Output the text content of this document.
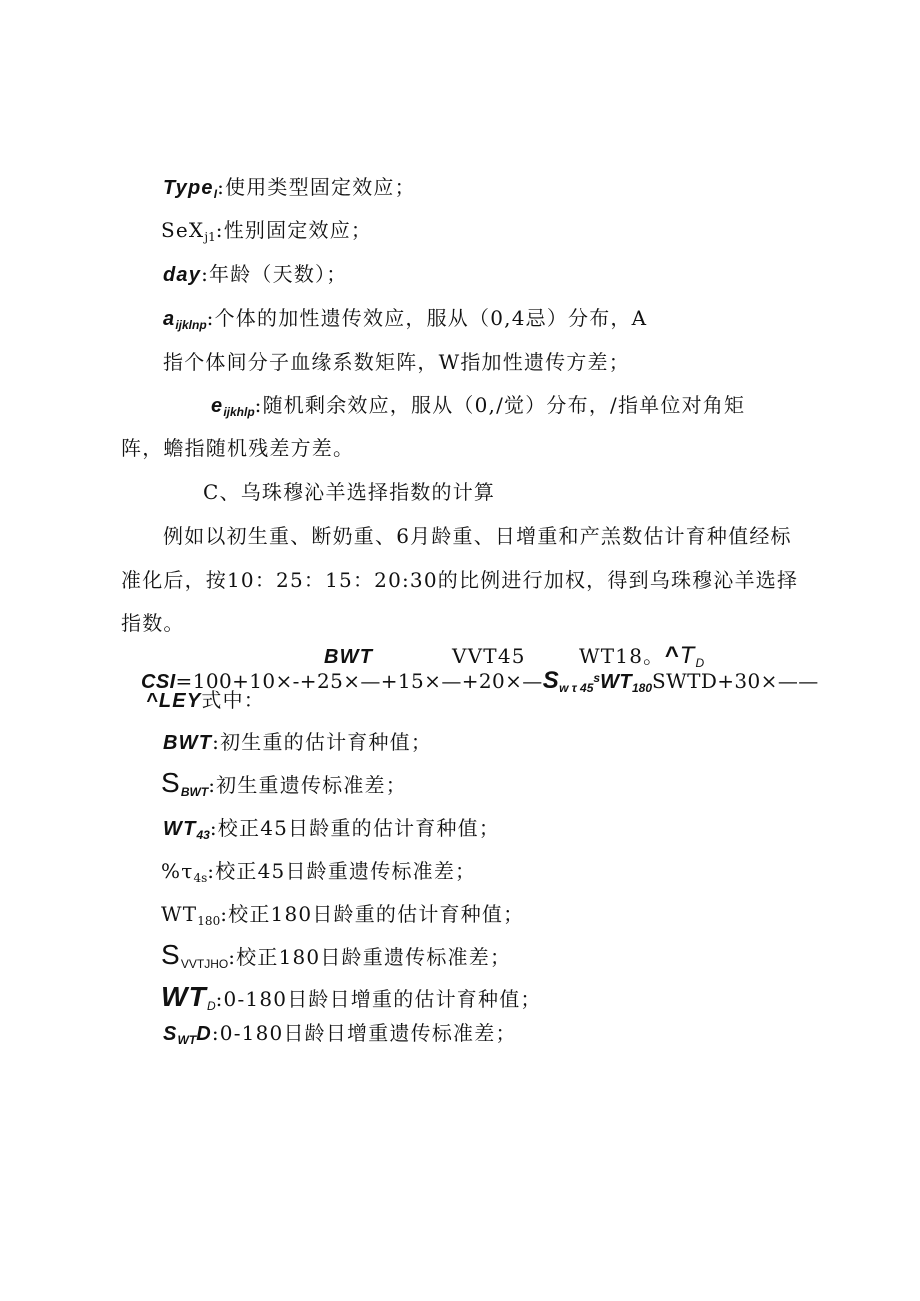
Type$_I$:使用类型固定效应；
SeX$_{j1}$:性别固定效应；
day:年龄（天数）；
$a_{ijklnp}$:个体的加性遗传效应，服从（0,4忌）分布，A
指个体间分子血缘系数矩阵，W指加性遗传方差；
$e_{ijkhlp}$:随机剩余效应，服从（0,/觉）分布，/指单位对角矩
阵，蟾指随机残差方差。
C、乌珠穆沁羊选择指数的计算
例如以初生重、断奶重、6月龄重、日增重和产羔数估计育种值经标
准化后，按10：25：15：20:30的比例进行加权，得到乌珠穆沁羊选择
指数。
BWT	VVT45	WT18。$\^{}T_D$
$CSI=100+10\times-+25\times—+15\times—+20\times—S_{w \tau 45}^sWT_{180}SWTD+30\times——$
^LEY式中：
BWT:初生重的估计育种值；
$S_{BWT}$:初生重遗传标准差；
$WT_{43}$:校正45日龄重的估计育种值；
$\%\tau_{4s}$:校正45日龄重遗传标准差；
$WT_{180}$:校正180日龄重的估计育种值；
$S_{VVTJHO}$:校正180日龄重遗传标准差；
$WT_D:0-180$日龄日增重的估计育种值；
$S_{WT}D:0-180$日龄日增重遗传标准差；
